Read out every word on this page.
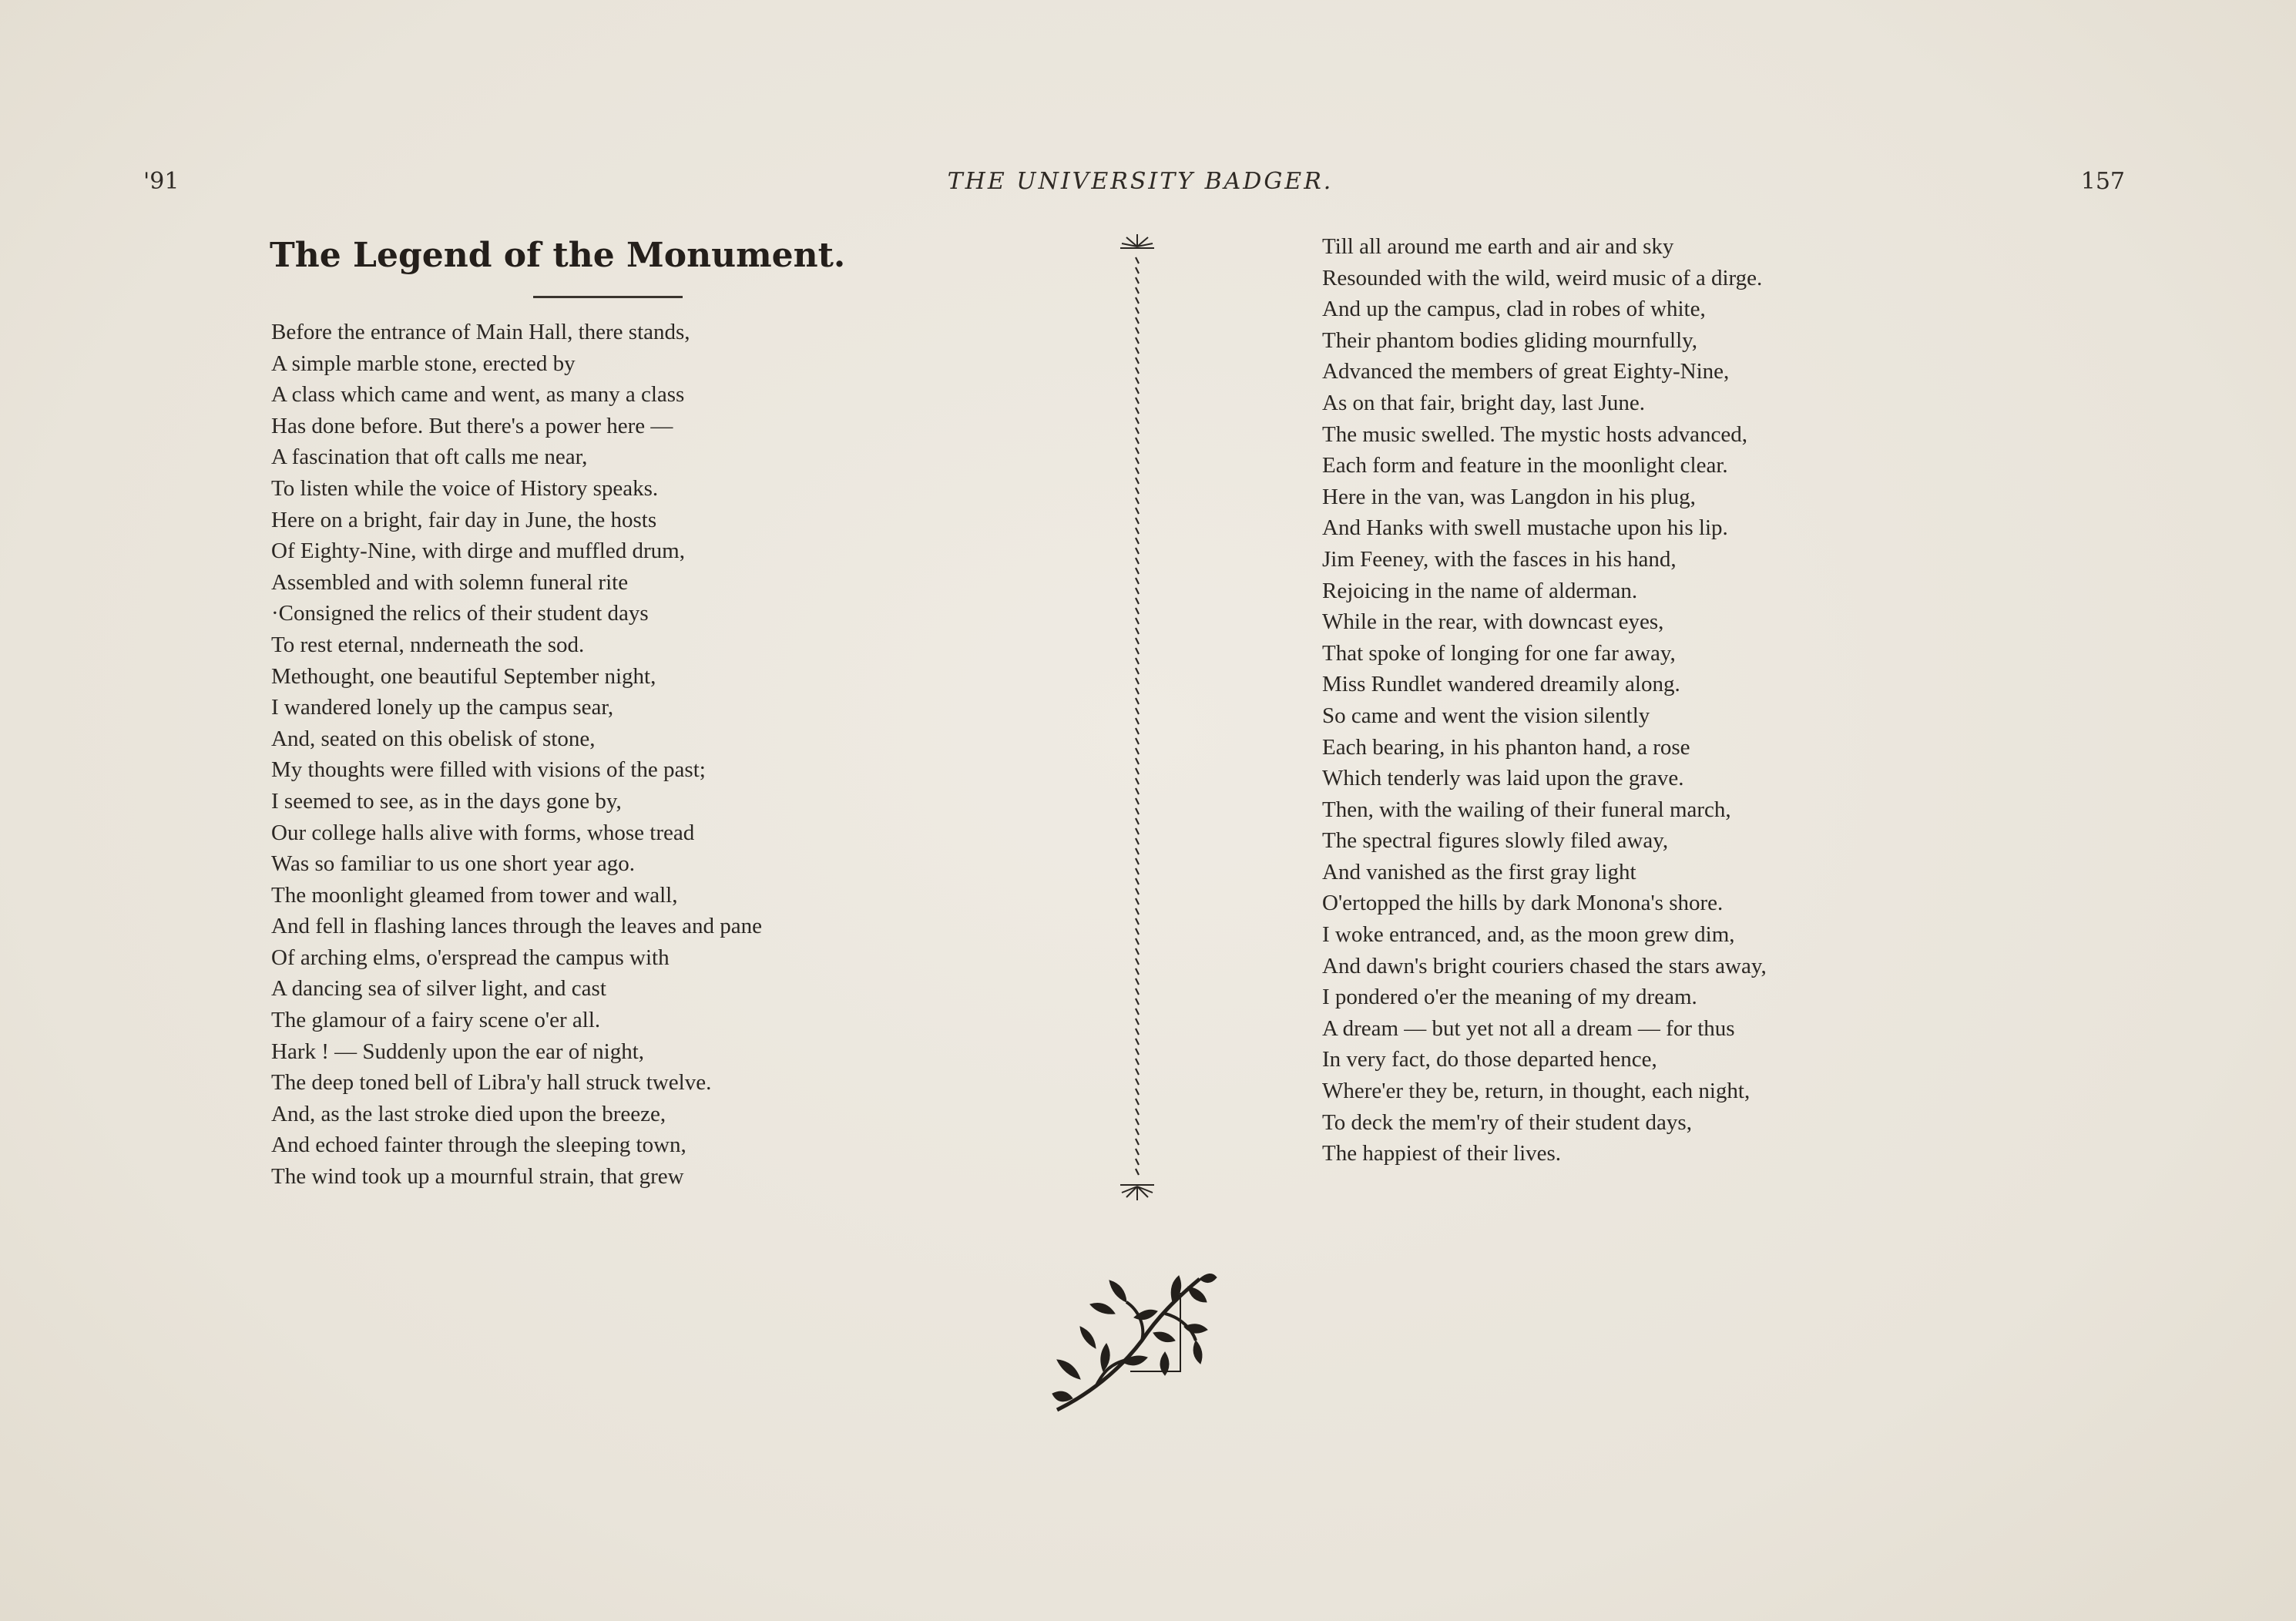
'91	THE UNIVERSITY BADGER.	157
The Legend of the Monument.
Before the entrance of Main Hall, there stands,
A simple marble stone, erected by
A class which came and went, as many a class
Has done before. But there's a power here —
A fascination that oft calls me near,
To listen while the voice of History speaks.
Here on a bright, fair day in June, the hosts
Of Eighty-Nine, with dirge and muffled drum,
Assembled and with solemn funeral rite
·Consigned the relics of their student days
To rest eternal, nnderneath the sod.
Methought, one beautiful September night,
I wandered lonely up the campus sear,
And, seated on this obelisk of stone,
My thoughts were filled with visions of the past;
I seemed to see, as in the days gone by,
Our college halls alive with forms, whose tread
Was so familiar to us one short year ago.
The moonlight gleamed from tower and wall,
And fell in flashing lances through the leaves and pane
Of arching elms, o'erspread the campus with
A dancing sea of silver light, and cast
The glamour of a fairy scene o'er all.
Hark ! — Suddenly upon the ear of night,
The deep toned bell of Libra'y hall struck twelve.
And, as the last stroke died upon the breeze,
And echoed fainter through the sleeping town,
The wind took up a mournful strain, that grew
Till all around me earth and air and sky
Resounded with the wild, weird music of a dirge.
And up the campus, clad in robes of white,
Their phantom bodies gliding mournfully,
Advanced the members of great Eighty-Nine,
As on that fair, bright day, last June.
The music swelled. The mystic hosts advanced,
Each form and feature in the moonlight clear.
Here in the van, was Langdon in his plug,
And Hanks with swell mustache upon his lip.
Jim Feeney, with the fasces in his hand,
Rejoicing in the name of alderman.
While in the rear, with downcast eyes,
That spoke of longing for one far away,
Miss Rundlet wandered dreamily along.
So came and went the vision silently
Each bearing, in his phanton hand, a rose
Which tenderly was laid upon the grave.
Then, with the wailing of their funeral march,
The spectral figures slowly filed away,
And vanished as the first gray light
O'ertopped the hills by dark Monona's shore.
I woke entranced, and, as the moon grew dim,
And dawn's bright couriers chased the stars away,
I pondered o'er the meaning of my dream.
A dream — but yet not all a dream — for thus
In very fact, do those departed hence,
Where'er they be, return, in thought, each night,
To deck the mem'ry of their student days,
The happiest of their lives.
